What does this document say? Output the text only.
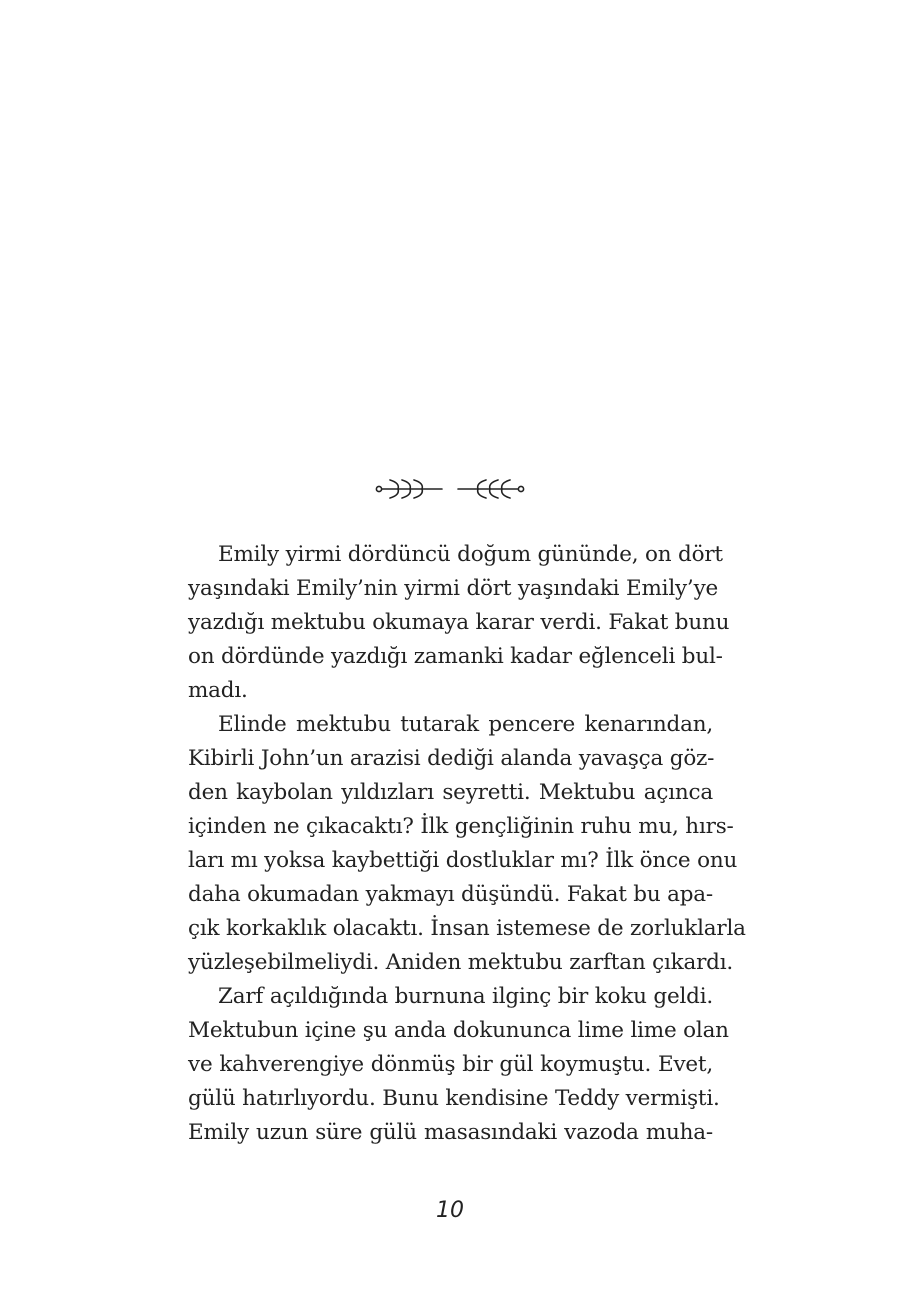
Emily yirmi dördüncü doğum gününde, on dört
yaşındaki Emily’nin yirmi dört yaşındaki Emily’ye
yazdığı mektubu okumaya karar verdi. Fakat bunu
on dördünde yazdığı zamanki kadar eğlenceli bul-
madı.
Elinde mektubu tutarak pencere kenarından,
Kibirli John’un arazisi dediği alanda yavaşça göz-
den kaybolan yıldızları seyretti. Mektubu açınca
içinden ne çıkacaktı? İlk gençliğinin ruhu mu, hırs-
ları mı yoksa kaybettiği dostluklar mı? İlk önce onu
daha okumadan yakmayı düşündü. Fakat bu apa-
çık korkaklık olacaktı. İnsan istemese de zorluklarla
yüzleşebilmeliydi. Aniden mektubu zarftan çıkardı.
Zarf açıldığında burnuna ilginç bir koku geldi.
Mektubun içine şu anda dokununca lime lime olan
ve kahverengiye dönmüş bir gül koymuştu. Evet,
gülü hatırlıyordu. Bunu kendisine Teddy vermişti.
Emily uzun süre gülü masasındaki vazoda muha-
10
